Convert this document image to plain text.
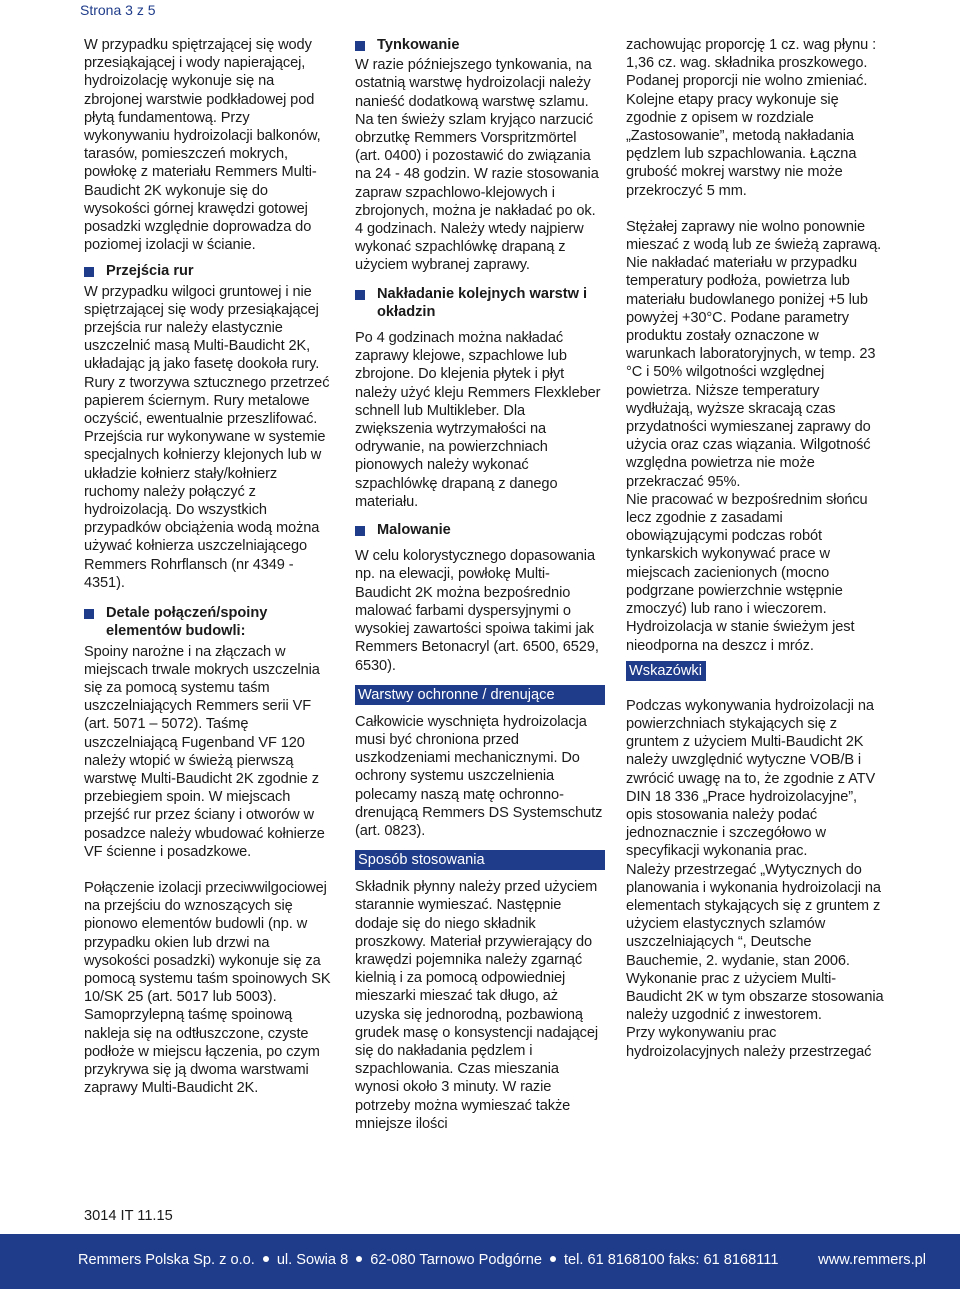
Strona 3 z 5

W przypadku spiętrzającej się wody przesiąkającej i wody napierającej, hydroizolację wykonuje się na zbrojonej warstwie podkładowej pod płytą fundamentową. Przy wykonywaniu hydroizolacji balkonów, tarasów, pomieszczeń mokrych, powłokę z materiału Remmers Multi-Baudicht 2K wykonuje się do wysokości górnej krawędzi gotowej posadzki względnie doprowadza do poziomej izolacji w ścianie.

Przejścia rur

W przypadku wilgoci gruntowej i nie spiętrzającej się wody przesiąkającej przejścia rur należy elastycznie uszczelnić masą Multi-Baudicht 2K, układając ją jako fasetę dookoła rury. Rury z tworzywa sztucznego przetrzeć papierem ściernym. Rury metalowe oczyścić, ewentualnie przeszlifować. Przejścia rur wykonywane w systemie specjalnych kołnierzy klejonych lub w układzie kołnierz stały/kołnierz ruchomy należy połączyć z hydroizolacją. Do wszystkich przypadków obciążenia wodą można używać kołnierza uszczelniającego Remmers Rohrflansch (nr 4349 - 4351).

Detale połączeń/spoiny elementów budowli:

Spoiny narożne i na złączach w miejscach trwale mokrych uszczelnia się za pomocą systemu taśm uszczelniających Remmers serii VF (art. 5071 – 5072). Taśmę uszczelniającą Fugenband VF 120 należy wtopić w świeżą pierwszą warstwę Multi-Baudicht 2K zgodnie z przebiegiem spoin. W miejscach przejść rur przez ściany i otworów w posadzce należy wbudować kołnierze VF ścienne i posadzkowe.

Połączenie izolacji przeciwwilgociowej na przejściu do wznoszących się pionowo elementów budowli (np. w przypadku okien lub drzwi na wysokości posadzki) wykonuje się za pomocą systemu taśm spoinowych SK 10/SK 25 (art. 5017 lub 5003). Samoprzylepną taśmę spoinową nakleja się na odtłuszczone, czyste podłoże w miejscu łączenia, po czym przykrywa się ją dwoma warstwami zaprawy Multi-Baudicht 2K.

Tynkowanie

W razie późniejszego tynkowania, na ostatnią warstwę hydroizolacji należy nanieść dodatkową warstwę szlamu. Na ten świeży szlam kryjąco narzucić obrzutkę Remmers Vorspritzmörtel (art. 0400) i pozostawić do związania na 24 - 48 godzin. W razie stosowania zapraw szpachlowo-klejowych i zbrojonych, można je nakładać po ok. 4 godzinach. Należy wtedy najpierw wykonać szpachlówkę drapaną z użyciem wybranej zaprawy.

Nakładanie kolejnych warstw i okładzin

Po 4 godzinach można nakładać zaprawy klejowe, szpachlowe lub zbrojone. Do klejenia płytek i płyt należy użyć kleju Remmers Flexkleber schnell lub Multikleber. Dla zwiększenia wytrzymałości na odrywanie, na powierzchniach pionowych należy wykonać szpachlówkę drapaną z danego materiału.

Malowanie

W celu kolorystycznego dopasowania np. na elewacji, powłokę Multi-Baudicht 2K można bezpośrednio malować farbami dyspersyjnymi o wysokiej zawartości spoiwa takimi jak Remmers Betonacryl (art. 6500, 6529, 6530).

Warstwy ochronne / drenujące

Całkowicie wyschnięta hydroizolacja musi być chroniona przed uszkodzeniami mechanicznymi. Do ochrony systemu uszczelnienia polecamy naszą matę ochronno-drenującą Remmers DS Systemschutz (art. 0823).

Sposób stosowania

Składnik płynny należy przed użyciem starannie wymieszać. Następnie dodaje się do niego składnik proszkowy. Materiał przywierający do krawędzi pojemnika należy zgarnąć kielnią i za pomocą odpowiedniej mieszarki mieszać tak długo, aż uzyska się jednorodną, pozbawioną grudek masę o konsystencji nadającej się do nakładania pędzlem i szpachlowania. Czas mieszania wynosi około 3 minuty. W razie potrzeby można wymieszać także mniejsze ilości

zachowując proporcję 1 cz. wag płynu : 1,36 cz. wag. składnika proszkowego. Podanej proporcji nie wolno zmieniać. Kolejne etapy pracy wykonuje się zgodnie z opisem w rozdziale „Zastosowanie”, metodą nakładania pędzlem lub szpachlowania. Łączna grubość mokrej warstwy nie może przekroczyć 5 mm.

Stężałej zaprawy nie wolno ponownie mieszać z wodą lub ze świeżą zaprawą. Nie nakładać materiału w przypadku temperatury podłoża, powietrza lub materiału budowlanego poniżej +5 lub powyżej +30°C. Podane parametry produktu zostały oznaczone w warunkach laboratoryjnych, w temp. 23 °C i 50% wilgotności względnej powietrza. Niższe temperatury wydłużają, wyższe skracają czas przydatności wymieszanej zaprawy do użycia oraz czas wiązania. Wilgotność względna powietrza nie może przekraczać 95%.

Nie pracować w bezpośrednim słońcu lecz zgodnie z zasadami obowiązującymi podczas robót tynkarskich wykonywać prace w miejscach zacienionych (mocno podgrzane powierzchnie wstępnie zmoczyć) lub rano i wieczorem. Hydroizolacja w stanie świeżym jest nieodporna na deszcz i mróz.

Wskazówki

Podczas wykonywania hydroizolacji na powierzchniach stykających się z gruntem z użyciem Multi-Baudicht 2K należy uwzględnić wytyczne VOB/B i zwrócić uwagę na to, że zgodnie z ATV DIN 18 336 „Prace hydroizolacyjne”, opis stosowania należy podać jednoznacznie i szczegółowo w specyfikacji wykonania prac.

Należy przestrzegać „Wytycznych do planowania i wykonania hydroizolacji na elementach stykających się z gruntem z użyciem elastycznych szlamów uszczelniających “, Deutsche Bauchemie, 2. wydanie, stan 2006.

Wykonanie prac z użyciem Multi-Baudicht 2K w tym obszarze stosowania należy uzgodnić z inwestorem.

Przy wykonywaniu prac hydroizolacyjnych należy przestrzegać

3014 IT 11.15
Remmers Polska Sp. z o.o. ul. Sowia 8 62-080 Tarnowo Podgórne tel. 61 8168100 faks: 61 8168111	www.remmers.pl
